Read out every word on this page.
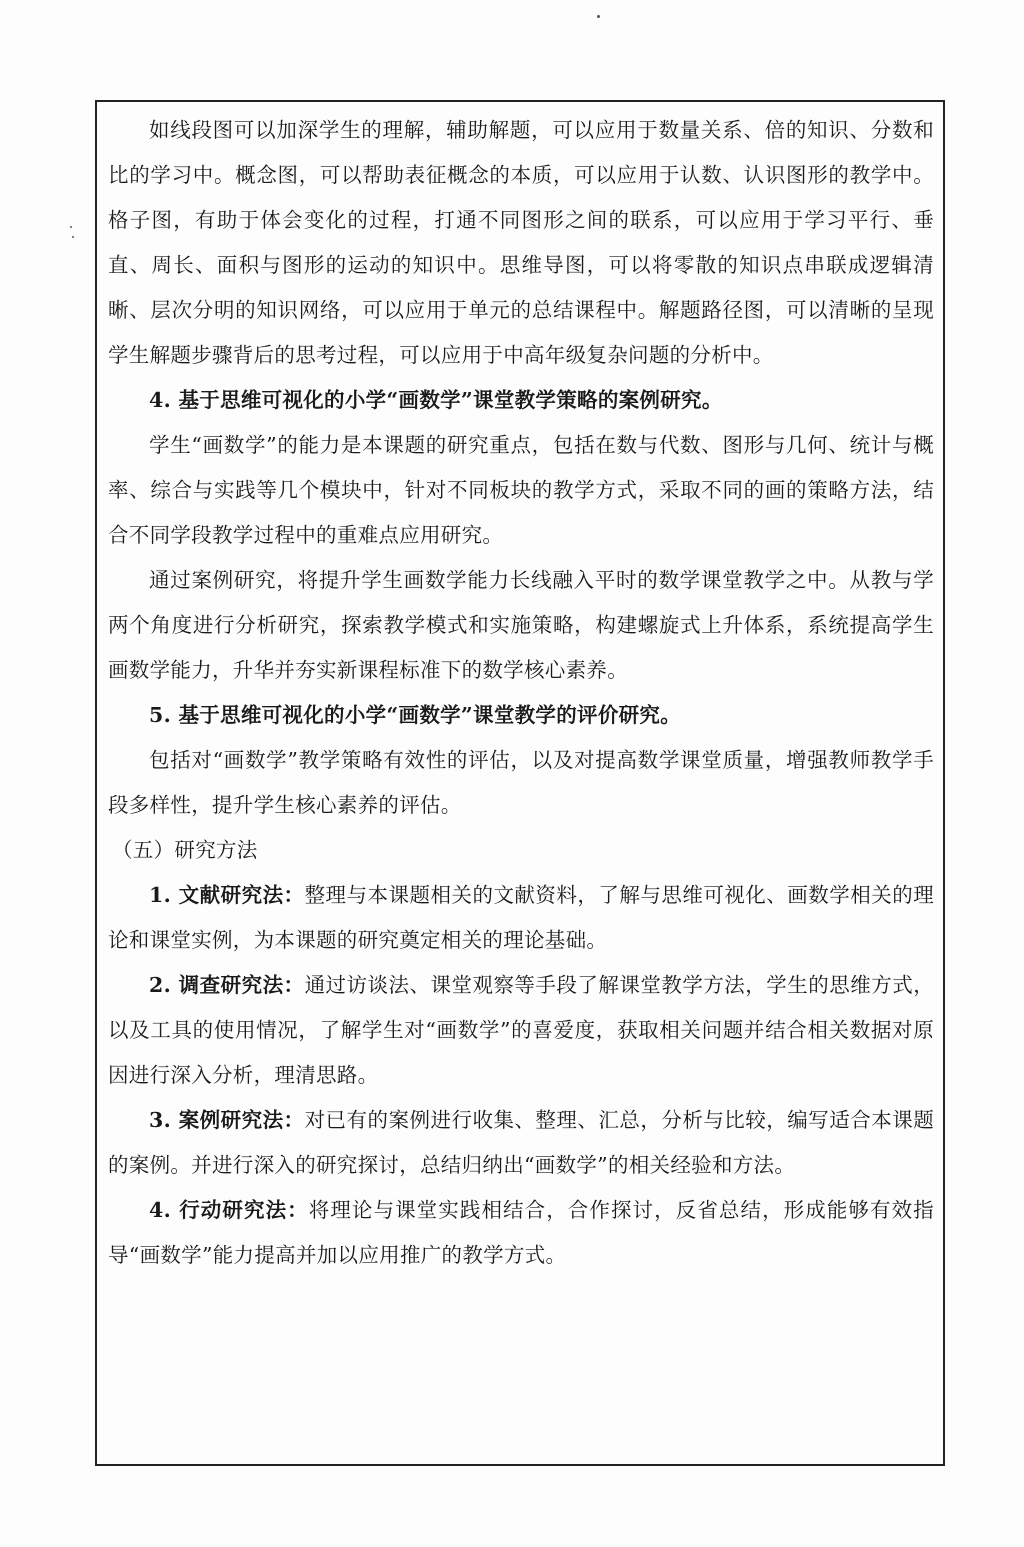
如线段图可以加深学生的理解，辅助解题，可以应用于数量关系、倍的知识、分数和比的学习中。概念图，可以帮助表征概念的本质，可以应用于认数、认识图形的教学中。格子图，有助于体会变化的过程，打通不同图形之间的联系，可以应用于学习平行、垂直、周长、面积与图形的运动的知识中。思维导图，可以将零散的知识点串联成逻辑清晰、层次分明的知识网络，可以应用于单元的总结课程中。解题路径图，可以清晰的呈现学生解题步骤背后的思考过程，可以应用于中高年级复杂问题的分析中。

4. 基于思维可视化的小学“画数学”课堂教学策略的案例研究。

学生“画数学”的能力是本课题的研究重点，包括在数与代数、图形与几何、统计与概率、综合与实践等几个模块中，针对不同板块的教学方式，采取不同的画的策略方法，结合不同学段教学过程中的重难点应用研究。

通过案例研究，将提升学生画数学能力长线融入平时的数学课堂教学之中。从教与学两个角度进行分析研究，探索教学模式和实施策略，构建螺旋式上升体系，系统提高学生画数学能力，升华并夯实新课程标准下的数学核心素养。

5. 基于思维可视化的小学“画数学”课堂教学的评价研究。

包括对“画数学”教学策略有效性的评估，以及对提高数学课堂质量，增强教师教学手段多样性，提升学生核心素养的评估。

（五）研究方法

1. 文献研究法：整理与本课题相关的文献资料，了解与思维可视化、画数学相关的理论和课堂实例，为本课题的研究奠定相关的理论基础。

2. 调查研究法：通过访谈法、课堂观察等手段了解课堂教学方法，学生的思维方式，以及工具的使用情况，了解学生对“画数学”的喜爱度，获取相关问题并结合相关数据对原因进行深入分析，理清思路。

3. 案例研究法：对已有的案例进行收集、整理、汇总，分析与比较，编写适合本课题的案例。并进行深入的研究探讨，总结归纳出“画数学”的相关经验和方法。

4. 行动研究法：将理论与课堂实践相结合，合作探讨，反省总结，形成能够有效指导“画数学”能力提高并加以应用推广的教学方式。
